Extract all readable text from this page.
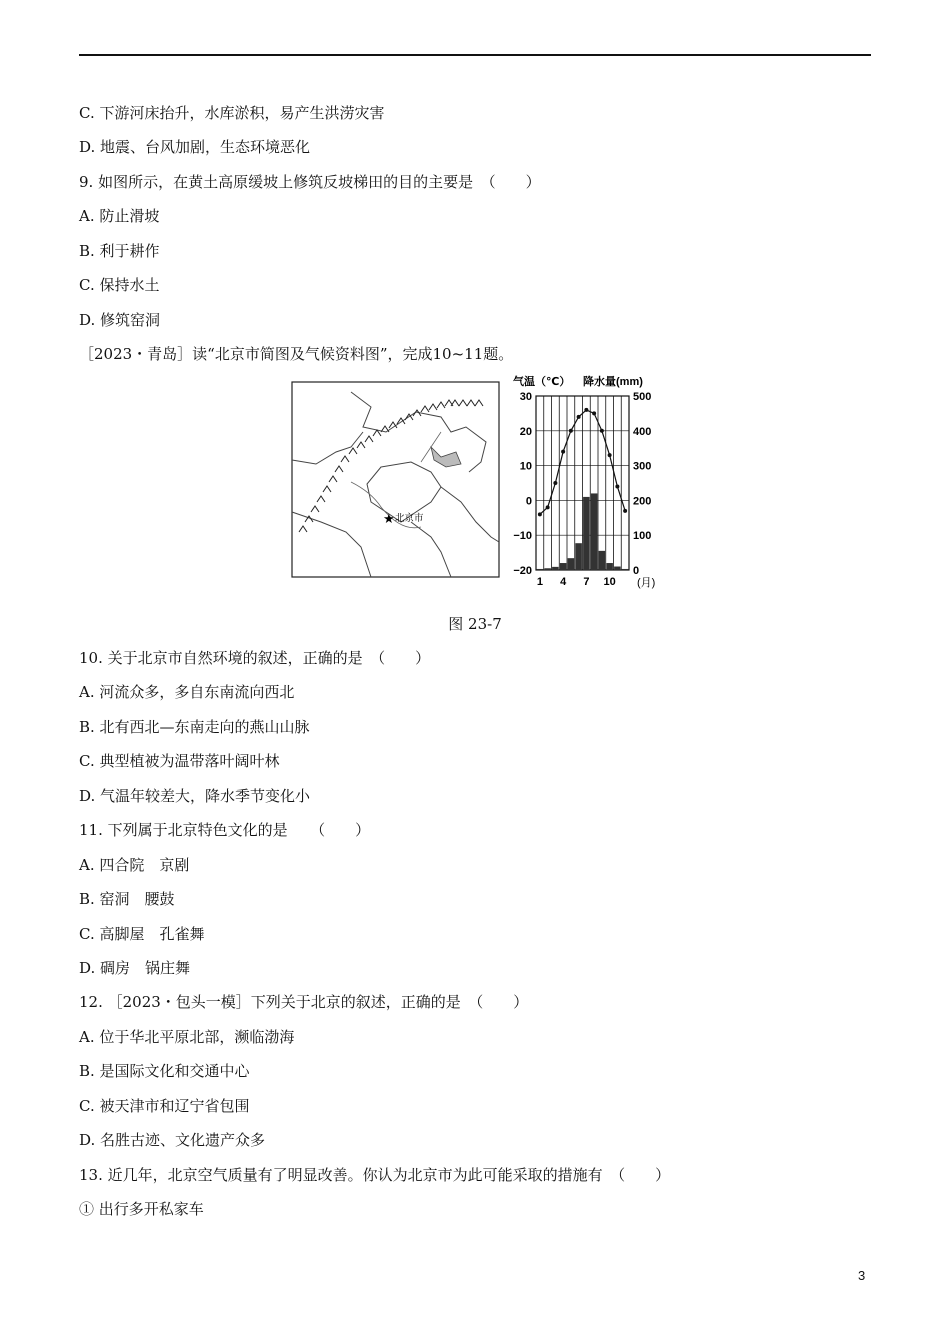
C. 下游河床抬升，水库淤积，易产生洪涝灾害
D. 地震、台风加剧，生态环境恶化
9. 如图所示，在黄土高原缓坡上修筑反坡梯田的目的主要是　（　　）
A. 防止滑坡
B. 利于耕作
C. 保持水土
D. 修筑窑洞
［2023・青岛］读“北京市简图及气候资料图”，完成10~11题。
★ 北京市
气温（℃） 降水量(mm)
30
20
10
0
−10
−20
500
400
300
200
100
0
1 4 7 10 (月)
图 23-7
10. 关于北京市自然环境的叙述，正确的是　（　　）
A. 河流众多，多自东南流向西北
B. 北有西北—东南走向的燕山山脉
C. 典型植被为温带落叶阔叶林
D. 气温年较差大，降水季节变化小
11. 下列属于北京特色文化的是　　（　　）
A. 四合院　京剧
B. 窑洞　腰鼓
C. 高脚屋　孔雀舞
D. 碉房　锅庄舞
12. ［2023・包头一模］下列关于北京的叙述，正确的是　（　　）
A. 位于华北平原北部，濒临渤海
B. 是国际文化和交通中心
C. 被天津市和辽宁省包围
D. 名胜古迹、文化遗产众多
13. 近几年，北京空气质量有了明显改善。你认为北京市为此可能采取的措施有　（　　）
① 出行多开私家车
3
